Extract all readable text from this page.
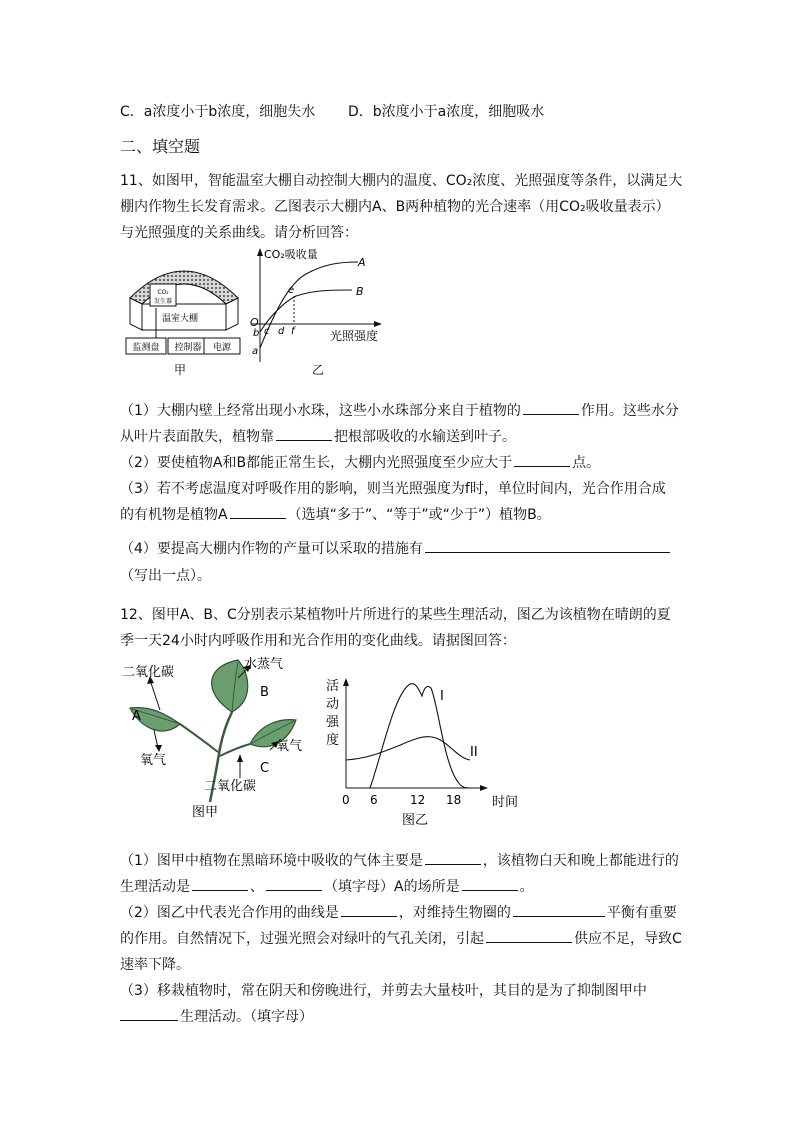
C．a浓度小于b浓度，细胞失水 D．b浓度小于a浓度，细胞吸水
二、填空题
11、如图甲，智能温室大棚自动控制大棚内的温度、CO₂浓度、光照强度等条件，以满足大
棚内作物生长发育需求。乙图表示大棚内A、B两种植物的光合速率（用CO₂吸收量表示）
与光照强度的关系曲线。请分析回答：
CO₂
发生器
温室大棚
监测盘 控制器 电源
甲
CO₂吸收量
光照强度
A
B
O
a
b c d
e
f
乙
（1）大棚内壁上经常出现小水珠，这些小水珠部分来自于植物的	作用。这些水分
从叶片表面散失，植物靠	把根部吸收的水输送到叶子。
（2）要使植物A和B都能正常生长，大棚内光照强度至少应大于	点。
（3）若不考虑温度对呼吸作用的影响，则当光照强度为f时，单位时间内，光合作用合成
的有机物是植物A	（选填“多于”、“等于”或“少于”）植物B。
（4）要提高大棚内作物的产量可以采取的措施有
（写出一点）。
12、图甲A、B、C分别表示某植物叶片所进行的某些生理活动，图乙为该植物在晴朗的夏
季一天24小时内呼吸作用和光合作用的变化曲线。请据图回答：
二氧化碳
水蒸气
B
A
氧气
氧气
C
二氧化碳
图甲
活
动
强
度
I
II
0 6	12 18 时间
图乙
（1）图甲中植物在黑暗环境中吸收的气体主要是	，该植物白天和晚上都能进行的
生理活动是	、	（填字母）A的场所是	。
（2）图乙中代表光合作用的曲线是	，对维持生物圈的	平衡有重要
的作用。自然情况下，过强光照会对绿叶的气孔关闭，引起	供应不足，导致C
速率下降。
（3）移栽植物时，常在阴天和傍晚进行，并剪去大量枝叶，其目的是为了抑制图甲中
生理活动。（填字母）
